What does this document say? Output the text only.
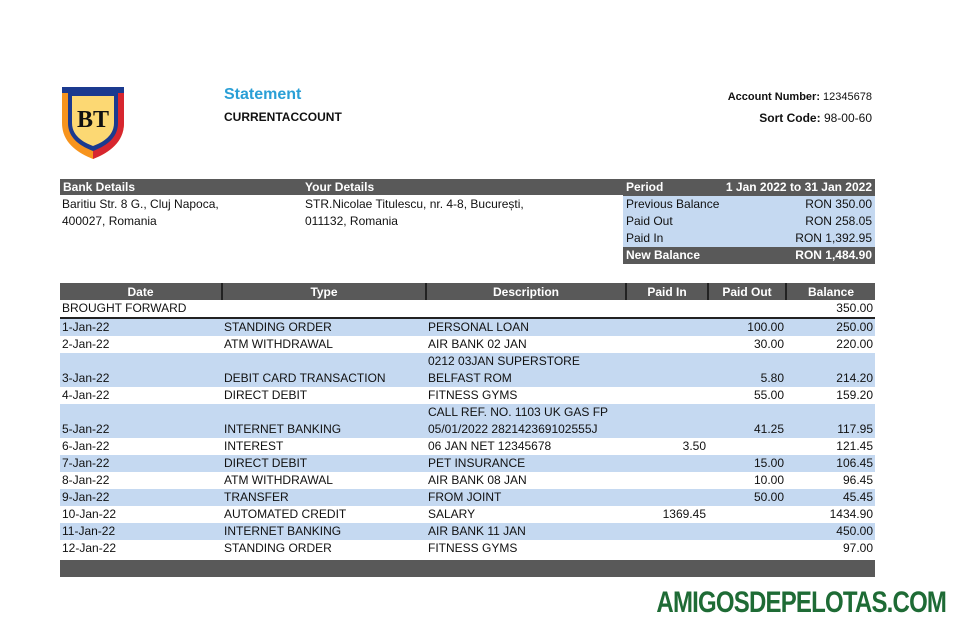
BT
Statement
CURRENTACCOUNT
Account Number: 12345678
Sort Code: 98-00-60
Bank Details	Your Details
Baritiu Str. 8 G., Cluj Napoca,
400027, Romania
STR.Nicolae Titulescu, nr. 4-8, București,
011132, Romania
Period	1 Jan 2022 to 31 Jan 2022
Previous Balance	RON 350.00
Paid Out	RON 258.05
Paid In	RON 1,392.95
New Balance	RON 1,484.90
Date	Type	Description	Paid In	Paid Out	Balance
BROUGHT FORWARD					350.00
1-Jan-22	STANDING ORDER	PERSONAL LOAN		100.00	250.00
2-Jan-22	ATM WITHDRAWAL	AIR BANK 02 JAN		30.00	220.00
3-Jan-22	DEBIT CARD TRANSACTION	0212 03JAN SUPERSTORE BELFAST ROM		5.80	214.20
4-Jan-22	DIRECT DEBIT	FITNESS GYMS		55.00	159.20
5-Jan-22	INTERNET BANKING	CALL REF. NO. 1103 UK GAS FP 05/01/2022 282142369102555J		41.25	117.95
6-Jan-22	INTEREST	06 JAN NET 12345678	3.50		121.45
7-Jan-22	DIRECT DEBIT	PET INSURANCE		15.00	106.45
8-Jan-22	ATM WITHDRAWAL	AIR BANK 08 JAN		10.00	96.45
9-Jan-22	TRANSFER	FROM JOINT		50.00	45.45
10-Jan-22	AUTOMATED CREDIT	SALARY	1369.45		1434.90
11-Jan-22	INTERNET BANKING	AIR BANK 11 JAN			450.00
12-Jan-22	STANDING ORDER	FITNESS GYMS			97.00
AMIGOSDEPELOTAS.COM
